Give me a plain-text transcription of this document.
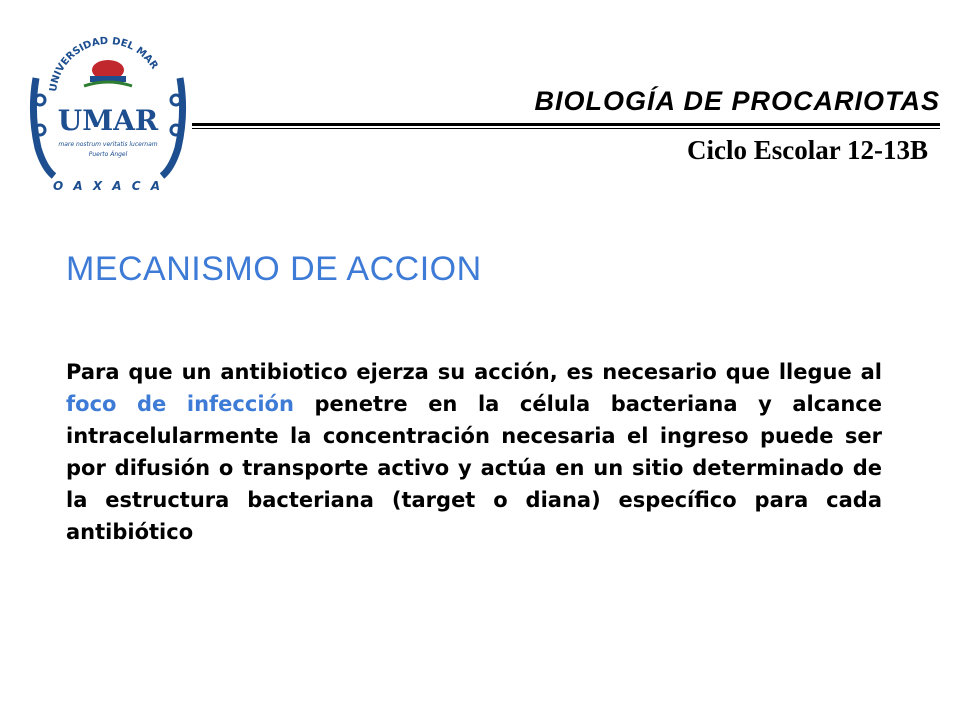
UNIVERSIDAD DEL MAR
UMAR
mare nostrum veritatis lucernam
Puerto Ángel
O A X A C A
BIOLOGÍA DE PROCARIOTAS
Ciclo Escolar 12-13B
MECANISMO DE ACCION
Para que un antibiotico ejerza su acción, es necesario que llegue al foco de infección penetre en la célula bacteriana y alcance intracelularmente la concentración necesaria el ingreso puede ser por difusión o transporte activo y actúa en un sitio determinado de la estructura bacteriana (target o diana) específico para cada antibiótico
